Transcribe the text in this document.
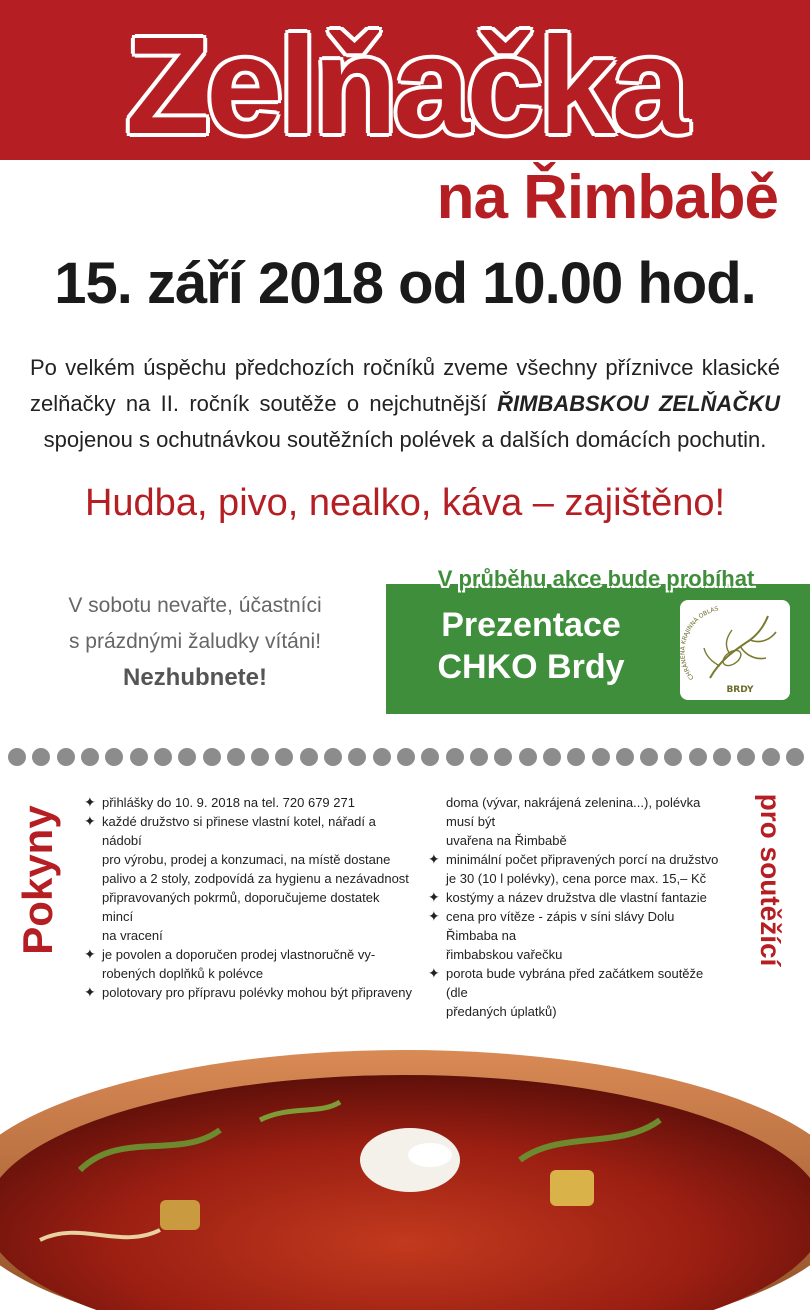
Zelňačka
na Řimbabě
15. září 2018 od 10.00 hod.

Po velkém úspěchu předchozích ročníků zveme všechny příznivce klasické zelňačky na II. ročník soutěže o nejchutnější ŘIMBABSKOU ZELŇAČKU spojenou s ochutnávkou soutěžních polévek a dalších domácích pochutin.

Hudba, pivo, nealko, káva – zajištěno!
V sobotu nevařte, účastníci
s prázdnými žaludky vítáni!
Nezhubnete!
V průběhu akce bude probíhat
Prezentace
CHKO Brdy	CHRÁNĚNÁ KRAJINNÁ OBLAS
BRDY
Pokyny	pro soutěžící
✦ přihlášky do 10. 9. 2018 na tel. 720 679 271
✦ každé družstvo si přinese vlastní kotel, nářadí a nádobí
pro výrobu, prodej a konzumaci, na místě dostane
palivo a 2 stoly, zodpovídá za hygienu a nezávadnost
připravovaných pokrmů, doporučujeme dostatek mincí
na vracení
✦ je povolen a doporučen prodej vlastnoručně vy-
robených doplňků k polévce
✦ polotovary pro přípravu polévky mohou být připraveny
doma (vývar, nakrájená zelenina...), polévka musí být
uvařena na Řimbabě
✦ minimální počet připravených porcí na družstvo
je 30 (10 l polévky), cena porce max. 15,– Kč
✦ kostýmy a název družstva dle vlastní fantazie
✦ cena pro vítěze - zápis v síni slávy Dolu Řimbaba na
řimbabskou vařečku
✦ porota bude vybrána před začátkem soutěže (dle
předaných úplatků)
